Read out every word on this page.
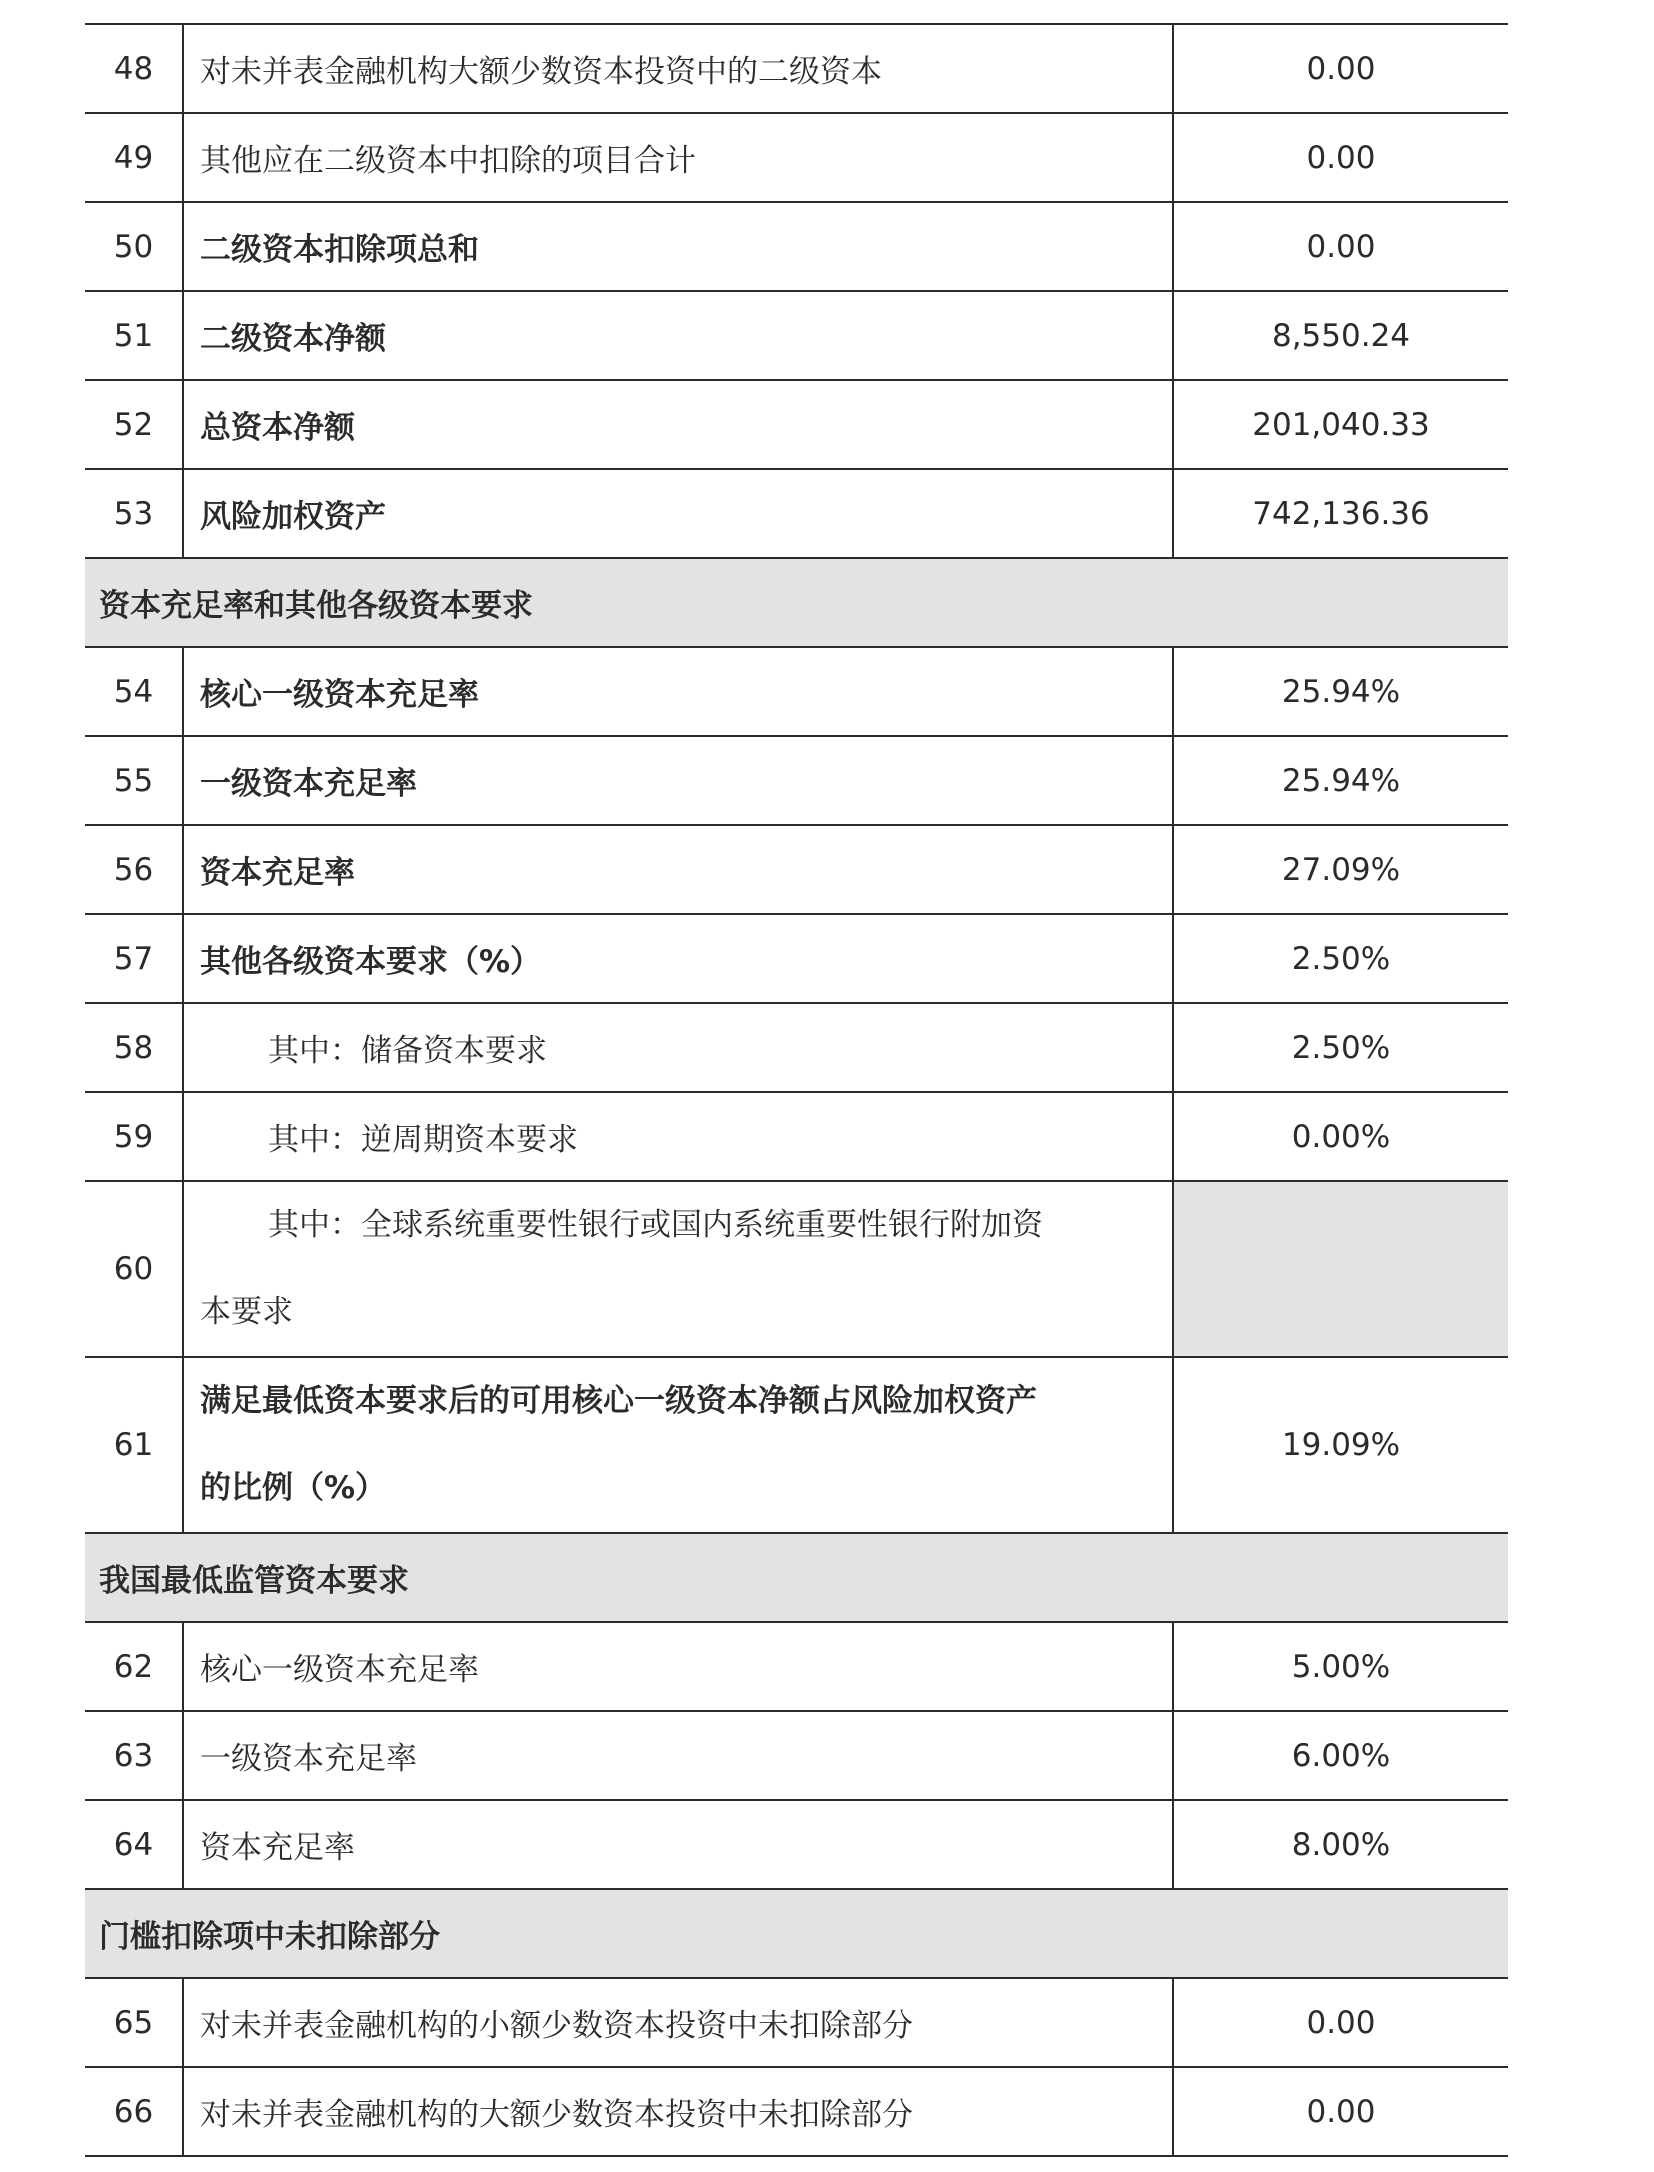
48	对未并表金融机构大额少数资本投资中的二级资本	0.00
49	其他应在二级资本中扣除的项目合计	0.00
50	二级资本扣除项总和	0.00
51	二级资本净额	8,550.24
52	总资本净额	201,040.33
53	风险加权资产	742,136.36
资本充足率和其他各级资本要求		
54	核心一级资本充足率	25.94%
55	一级资本充足率	25.94%
56	资本充足率	27.09%
57	其他各级资本要求（%）	2.50%
58	其中：储备资本要求	2.50%
59	其中：逆周期资本要求	0.00%
60	其中：全球系统重要性银行或国内系统重要性银行附加资
本要求	
61	满足最低资本要求后的可用核心一级资本净额占风险加权资产
的比例（%）	19.09%
我国最低监管资本要求		
62	核心一级资本充足率	5.00%
63	一级资本充足率	6.00%
64	资本充足率	8.00%
门槛扣除项中未扣除部分		
65	对未并表金融机构的小额少数资本投资中未扣除部分	0.00
66	对未并表金融机构的大额少数资本投资中未扣除部分	0.00
